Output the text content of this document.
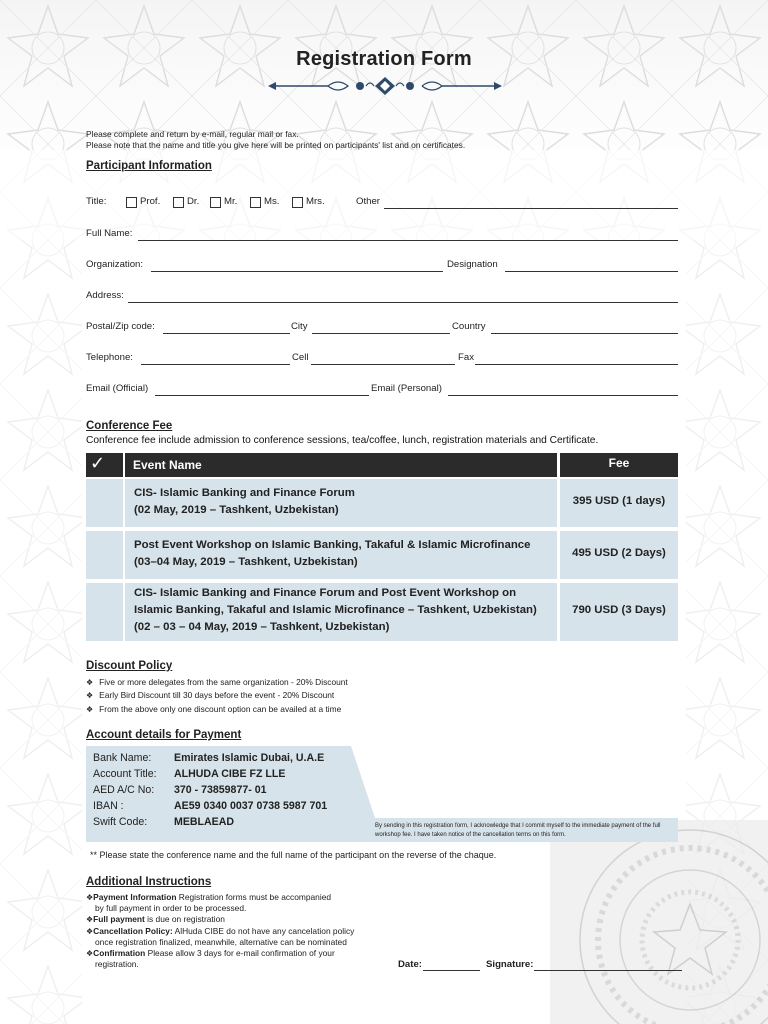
Registration Form
Please complete and return by e-mail, regular mail or fax.
Please note that the name and title you give here will be printed on participants' list and on certificates.
Participant Information
Title:	Prof.	Dr.	Mr.	Ms.	Mrs.	Other
Full Name:
Organization:	Designation
Address:
Postal/Zip code:	City	Country
Telephone:	Cell	Fax
Email (Official)	Email (Personal)
Conference Fee
Conference fee include admission to conference sessions, tea/coffee, lunch, registration materials and Certificate.
✓ Event Name	Fee
CIS- Islamic Banking and Finance Forum
(02 May, 2019 – Tashkent, Uzbekistan)
395 USD (1 days)
Post Event Workshop on Islamic Banking, Takaful & Islamic Microfinance
(03–04 May, 2019 – Tashkent, Uzbekistan)
495 USD (2 Days)
CIS- Islamic Banking and Finance Forum and Post Event Workshop on
Islamic Banking, Takaful and Islamic Microfinance – Tashkent, Uzbekistan)
(02 – 03 – 04 May, 2019 – Tashkent, Uzbekistan)
790 USD (3 Days)
Discount Policy
❖ Five or more delegates from the same organization - 20% Discount
❖ Early Bird Discount till 30 days before the event - 20% Discount
❖ From the above only one discount option can be availed at a time
Account details for Payment
Bank Name: Emirates Islamic Dubai, U.A.E
Account Title: ALHUDA CIBE FZ LLE
AED A/C No: 370 - 73859877- 01
IBAN :	AE59 0340 0037 0738 5987 701
Swift Code:	MEBLAEAD	By sending in this registration form, I acknowledge that I commit myself to the immediate payment of the full workshop fee. I have taken notice of the cancellation terms on this form.
** Please state the conference name and the full name of the participant on the reverse of the chaque.
Additional Instructions
❖Payment Information Registration forms must be accompanied
by full payment in order to be processed.
❖Full payment is due on registration
❖Cancellation Policy: AlHuda CIBE do not have any cancelation policy
once registration finalized, meanwhile, alternative can be nominated
❖Confirmation Please allow 3 days for e-mail confirmation of your
registration.	Date:	Signature:
